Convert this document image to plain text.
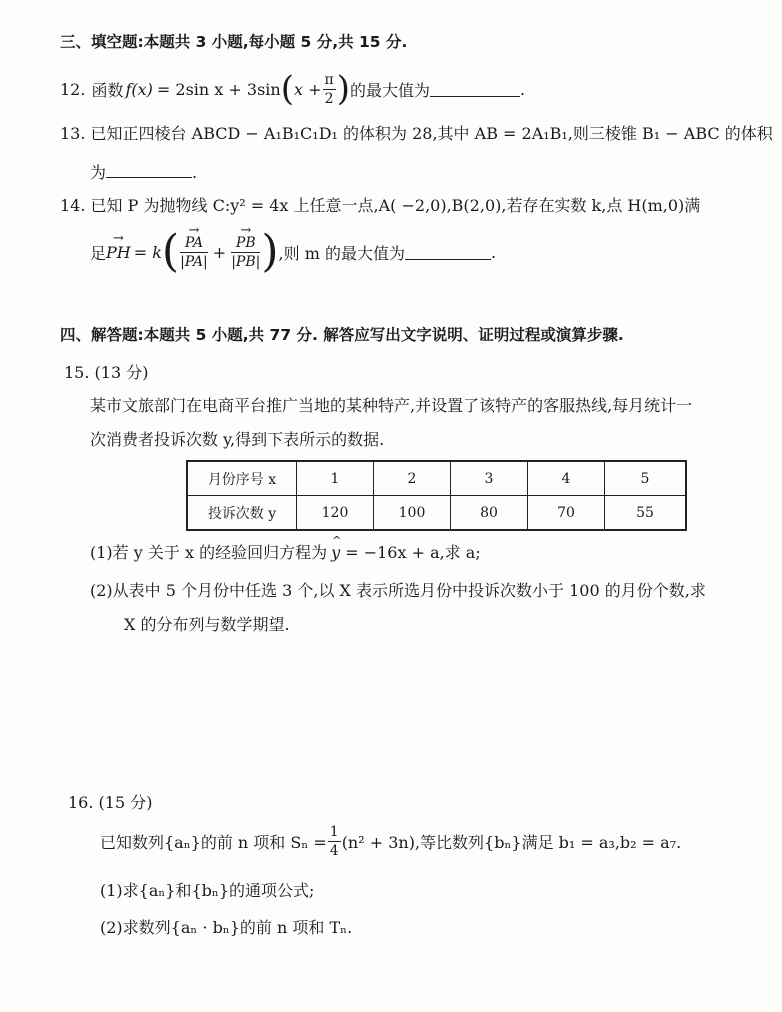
三、填空题:本题共 3 小题,每小题 5 分,共 15 分.
12. 函数 f(x) = 2sin x + 3sin ( $x + \frac{\pi}{2}$ ) 的最大值为	.
13. 已知正四棱台 ABCD − A₁B₁C₁D₁ 的体积为 28,其中 AB = 2A₁B₁,则三棱锥 B₁ − ABC 的体积
为	.
14. 已知 P 为抛物线 C:y² = 4x 上任意一点,A( −2,0),B(2,0),若存在实数 k,点 H(m,0)满
足 → PH = k ( → $\frac{PA}{|PA|}$ + → $\frac{PB}{|PB|}$ ) ,则 m 的最大值为	.
四、解答题:本题共 5 小题,共 77 分. 解答应写出文字说明、证明过程或演算步骤.
15. (13 分)
某市文旅部门在电商平台推广当地的某种特产,并设置了该特产的客服热线,每月统计一
次消费者投诉次数 y,得到下表所示的数据.
月份序号 x	1	2	3	4	5
投诉次数 y	120	100	80	70	55
(1)若 y 关于 x 的经验回归方程为 ^ y = −16x + a,求 a;
(2)从表中 5 个月份中任选 3 个,以 X 表示所选月份中投诉次数小于 100 的月份个数,求
X 的分布列与数学期望.
16. (15 分)
已知数列{aₙ}的前 n 项和 $S_n = \frac{1}{4} (n^2 + 3n)$,等比数列{bₙ}满足 b₁ = a₃,b₂ = a₇.
(1)求{aₙ}和{bₙ}的通项公式;
(2)求数列{aₙ · bₙ}的前 n 项和 Tₙ.
